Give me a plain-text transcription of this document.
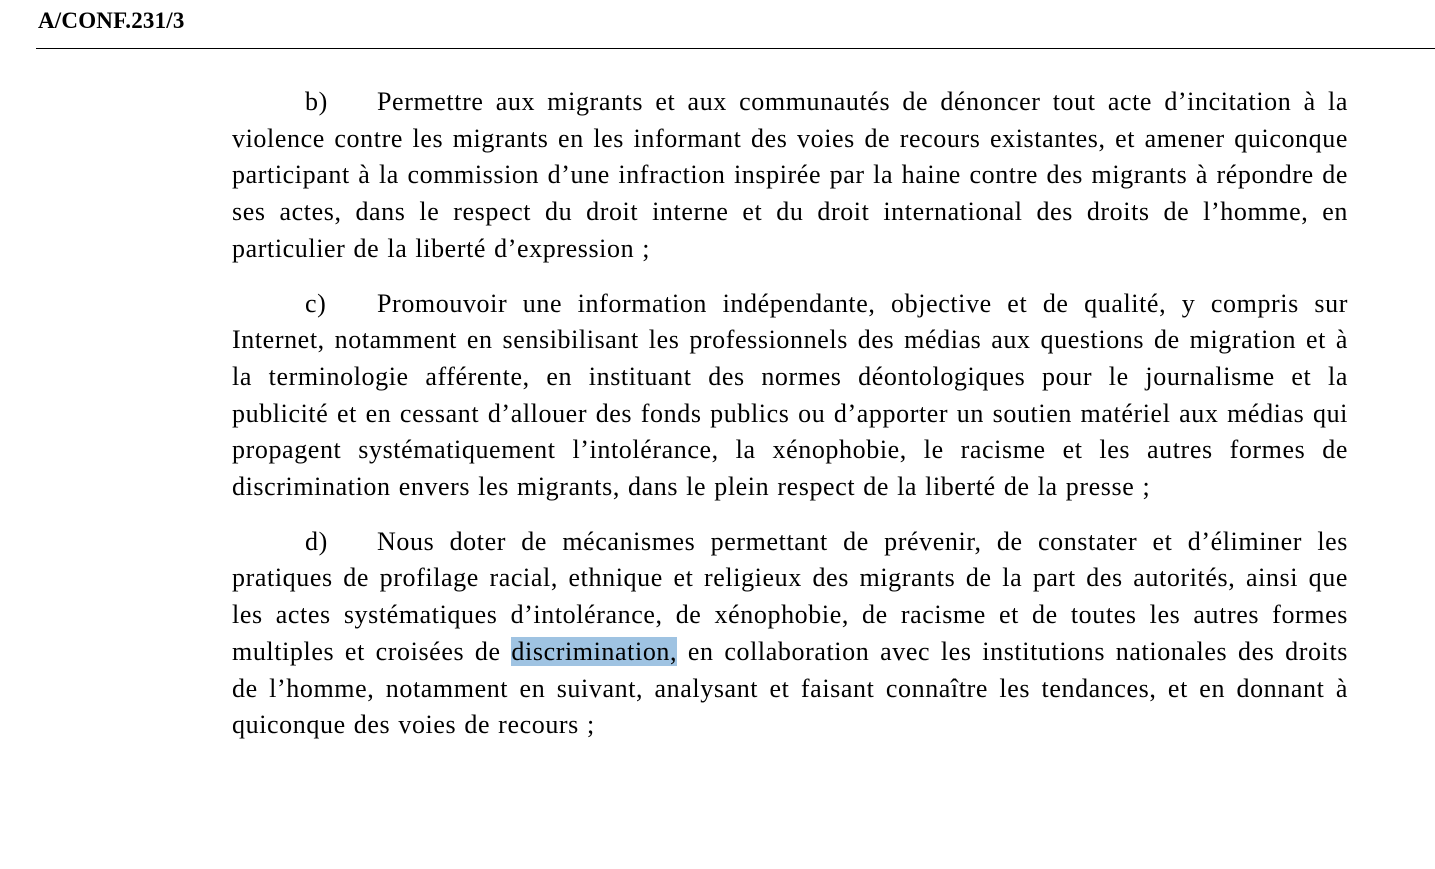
A/CONF.231/3

b) Permettre aux migrants et aux communautés de dénoncer tout acte d’incitation à la violence contre les migrants en les informant des voies de recours existantes, et amener quiconque participant à la commission d’une infraction inspirée par la haine contre des migrants à répondre de ses actes, dans le respect du droit interne et du droit international des droits de l’homme, en particulier de la liberté d’expression ;

c) Promouvoir une information indépendante, objective et de qualité, y compris sur Internet, notamment en sensibilisant les professionnels des médias aux questions de migration et à la terminologie afférente, en instituant des normes déontologiques pour le journalisme et la publicité et en cessant d’allouer des fonds publics ou d’apporter un soutien matériel aux médias qui propagent systématiquement l’intolérance, la xénophobie, le racisme et les autres formes de discrimination envers les migrants, dans le plein respect de la liberté de la presse ;

d) Nous doter de mécanismes permettant de prévenir, de constater et d’éliminer les pratiques de profilage racial, ethnique et religieux des migrants de la part des autorités, ainsi que les actes systématiques d’intolérance, de xénophobie, de racisme et de toutes les autres formes multiples et croisées de discrimination, en collaboration avec les institutions nationales des droits de l’homme, notamment en suivant, analysant et faisant connaître les tendances, et en donnant à quiconque des voies de recours ;
